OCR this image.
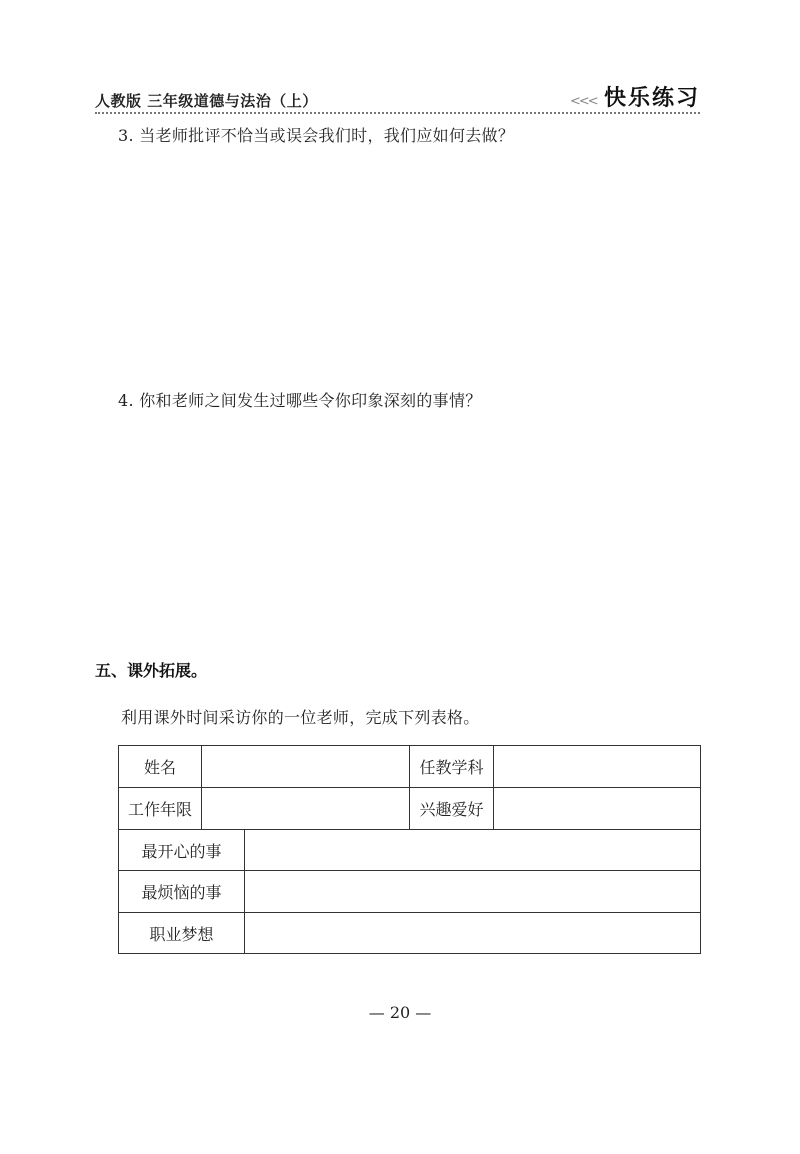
人教版 三年级道德与法治（上）	<<< 快乐练习
3. 当老师批评不恰当或误会我们时，我们应如何去做？
4. 你和老师之间发生过哪些令你印象深刻的事情？
五、课外拓展。
利用课外时间采访你的一位老师，完成下列表格。
姓名	任教学科
工作年限	兴趣爱好
最开心的事
最烦恼的事
职业梦想
— 20 —
